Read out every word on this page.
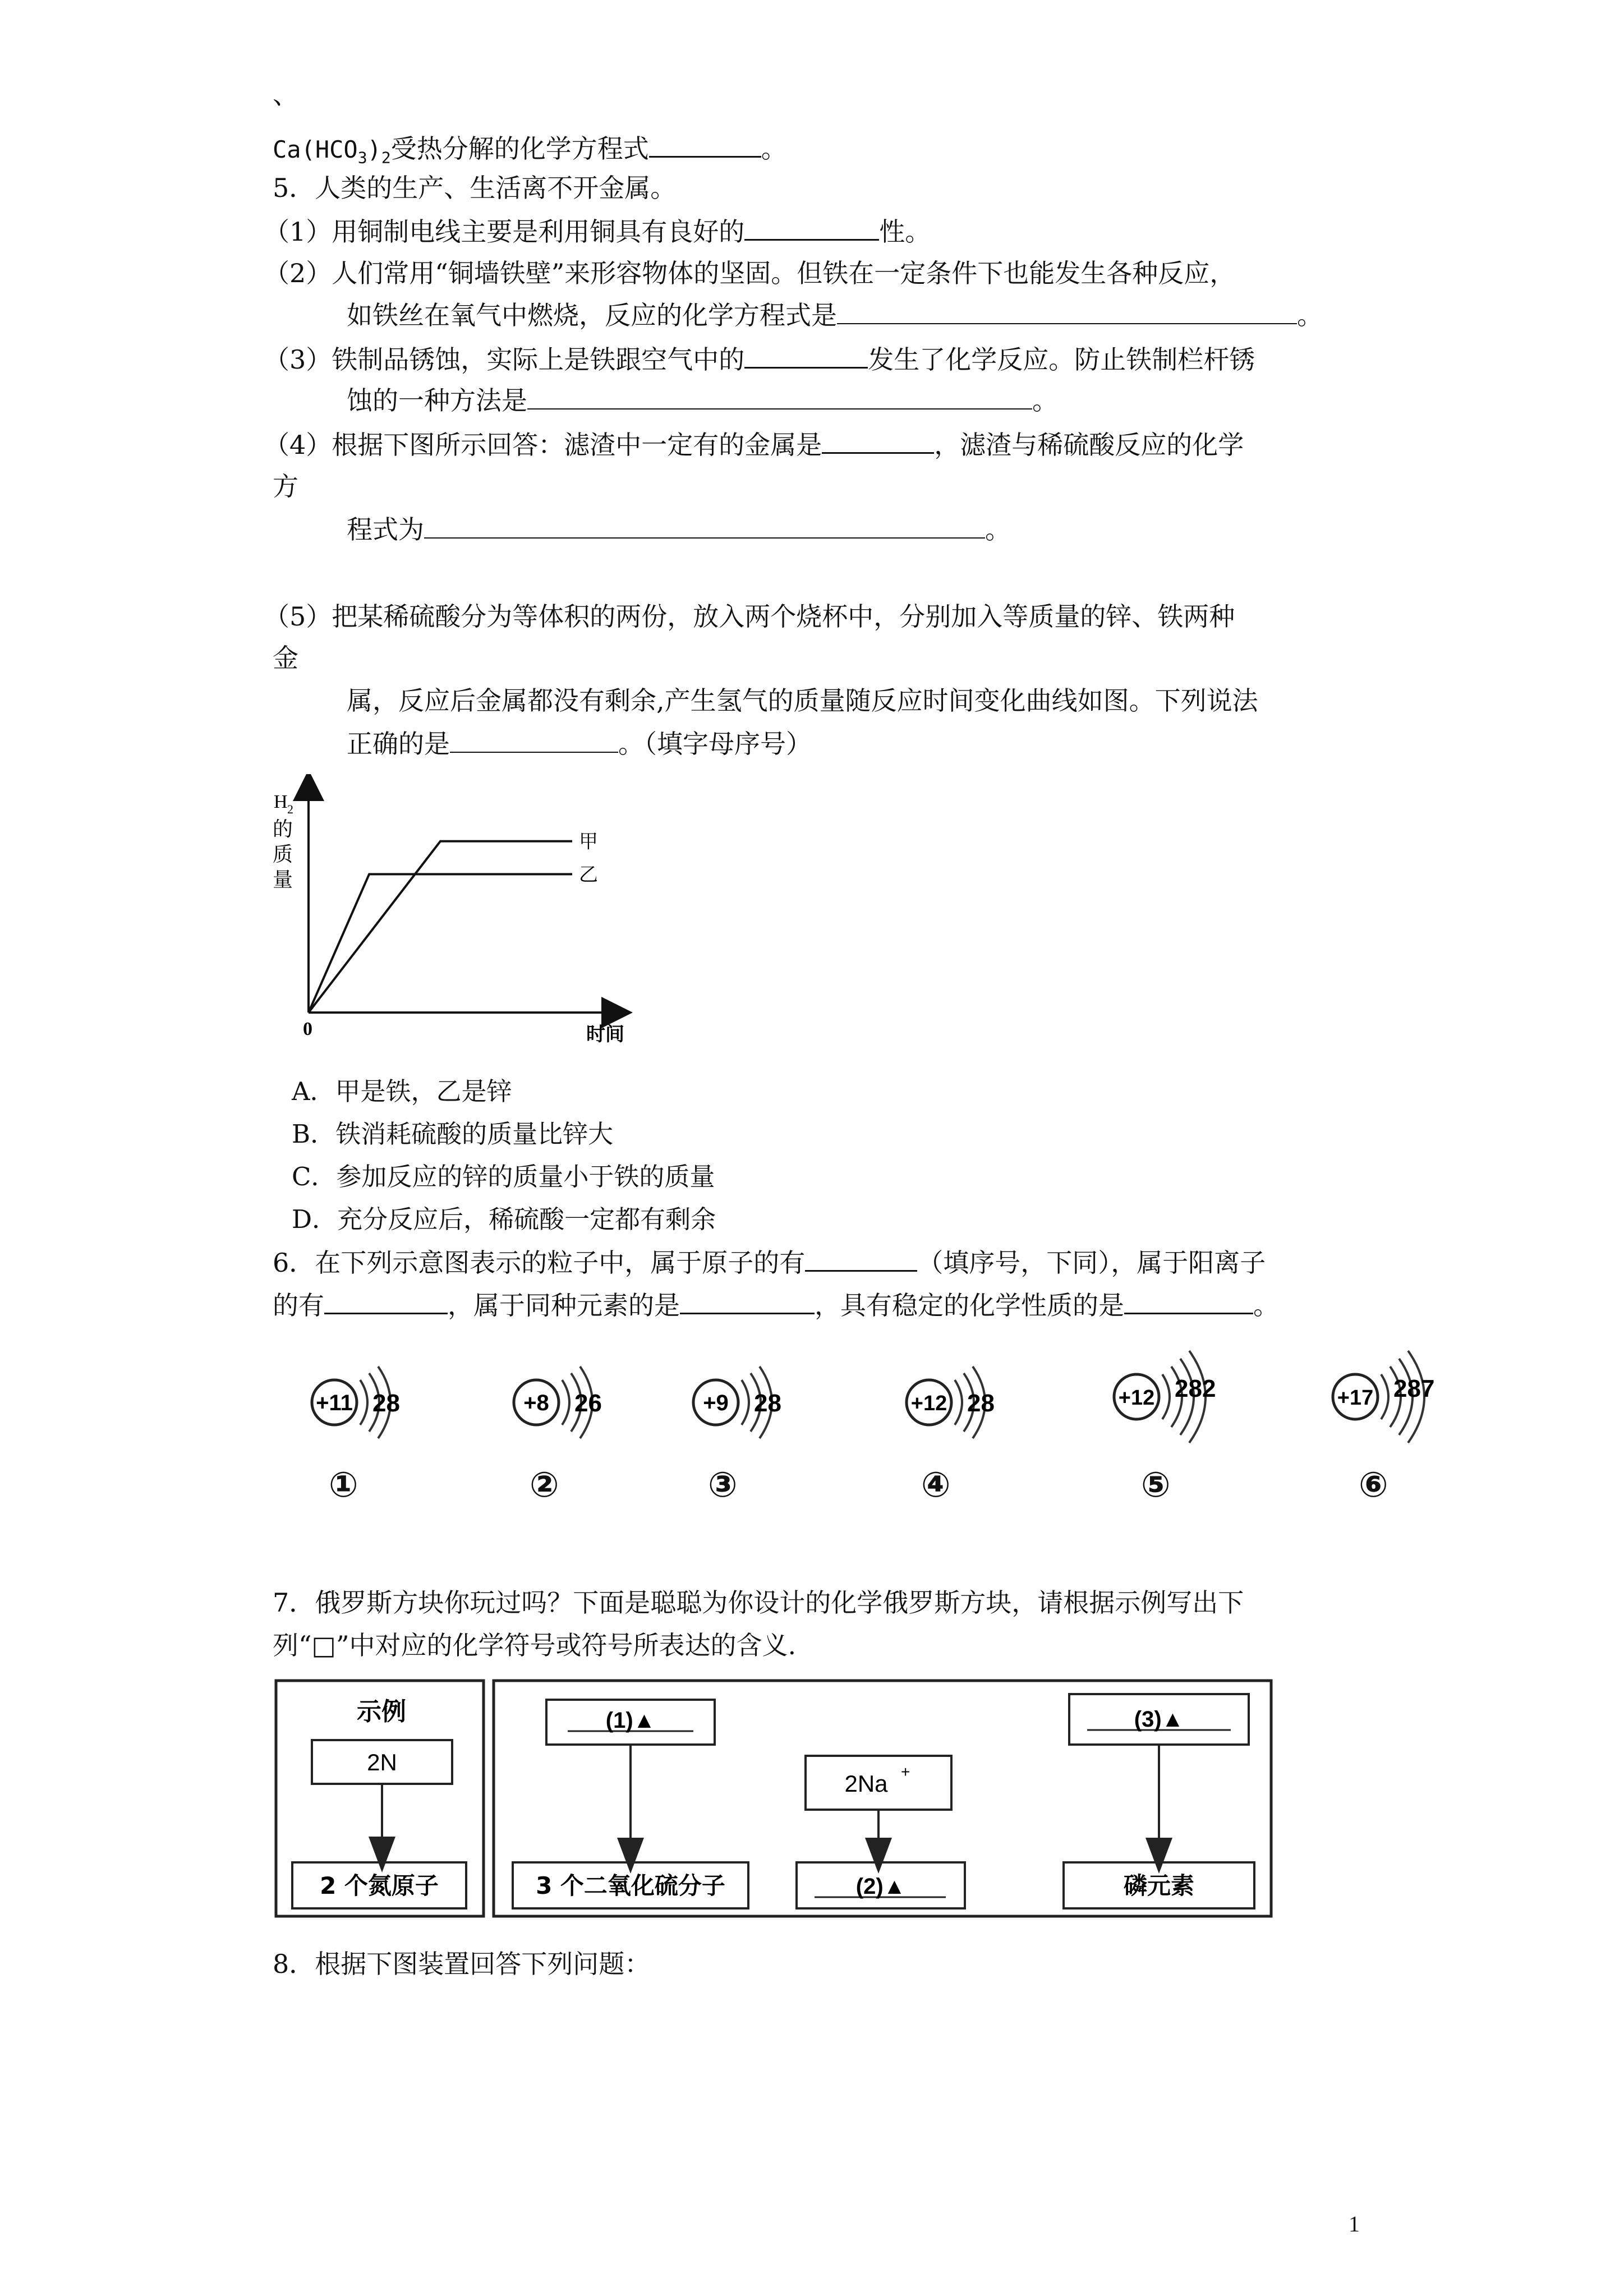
、
$Ca(HCO_3)_2$受热分解的化学方程式	。
5．人类的生产、生活离不开金属。
（1）用铜制电线主要是利用铜具有良好的	性。
（2）人们常用“铜墙铁壁”来形容物体的坚固。但铁在一定条件下也能发生各种反应，
如铁丝在氧气中燃烧，反应的化学方程式是	。
（3）铁制品锈蚀，实际上是铁跟空气中的	发生了化学反应。防止铁制栏杆锈
蚀的一种方法是	。
（4）根据下图所示回答：滤渣中一定有的金属是	，滤渣与稀硫酸反应的化学
方
程式为	。
（5）把某稀硫酸分为等体积的两份，放入两个烧杯中，分别加入等质量的锌、铁两种
金
属，反应后金属都没有剩余,产生氢气的质量随反应时间变化曲线如图。下列说法
正确的是	。（填字母序号）
甲
乙
H 2
的
质
量
0	时间
A．甲是铁，乙是锌
B．铁消耗硫酸的质量比锌大
C．参加反应的锌的质量小于铁的质量
D．充分反应后，稀硫酸一定都有剩余
6．在下列示意图表示的粒子中，属于原子的有	（填序号，下同），属于阳离子
的有	，属于同种元素的是	，具有稳定的化学性质的是	。
+11 28
①
+8 26
②
+9 28
③
+12 28
④
+12 282
⑤
+17 287
⑥
7．俄罗斯方块你玩过吗？下面是聪聪为你设计的化学俄罗斯方块，请根据示例写出下
列“□”中对应的化学符号或符号所表达的含义.
示例
2N
2 个氮原子
(1)▲
3 个二氧化硫分子
2Na +
(2)▲
(3)▲
磷元素
8．根据下图装置回答下列问题：
1
